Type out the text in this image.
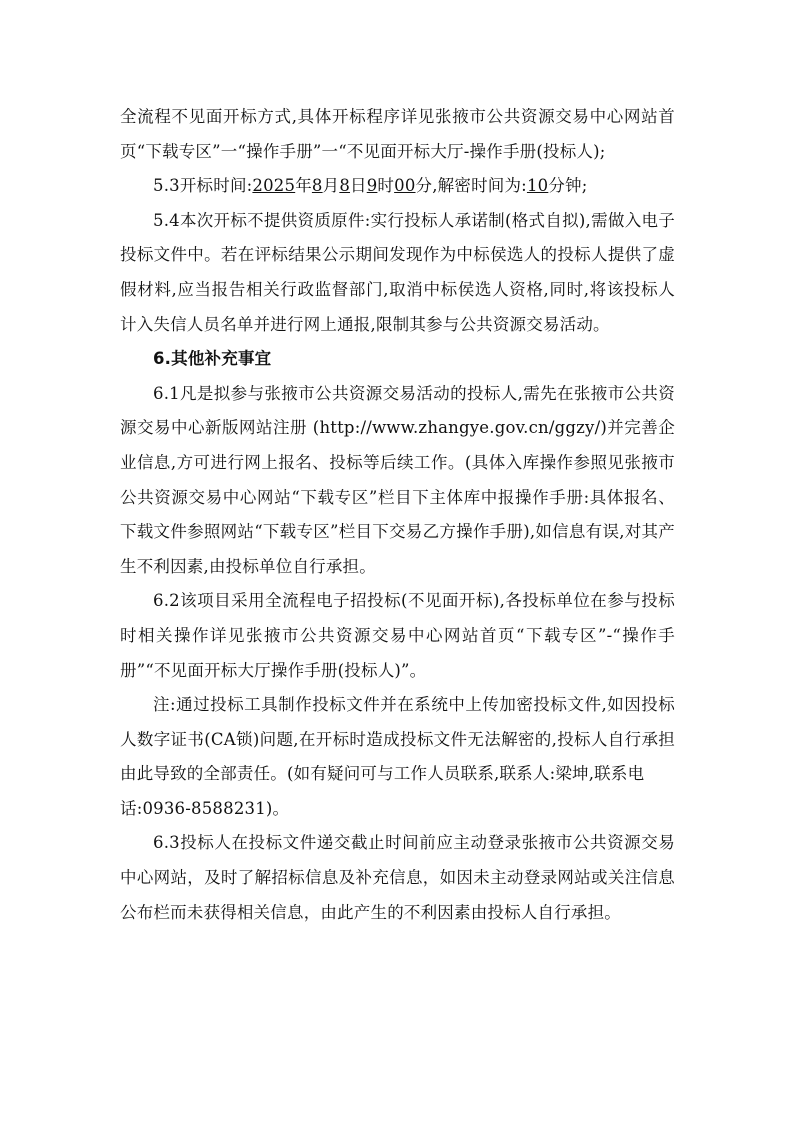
全流程不见面开标方式,具体开标程序详见张掖市公共资源交易中心网站首页“下载专区”一“操作手册”一“不见面开标大厅-操作手册(投标人);

5.3开标时间:2025年8月8日9时00分,解密时间为:10分钟;

5.4本次开标不提供资质原件:实行投标人承诺制(格式自拟),需做入电子投标文件中。若在评标结果公示期间发现作为中标侯选人的投标人提供了虚假材料,应当报告相关行政监督部门,取消中标侯选人资格,同时,将该投标人计入失信人员名单并进行网上通报,限制其参与公共资源交易活动。

6.其他补充事宜

6.1凡是拟参与张掖市公共资源交易活动的投标人,需先在张掖市公共资源交易中心新版网站注册 (http://www.zhangye.gov.cn/ggzy/)并完善企业信息,方可进行网上报名、投标等后续工作。(具体入库操作参照见张掖市公共资源交易中心网站“下载专区”栏目下主体库中报操作手册:具体报名、下载文件参照网站“下载专区”栏目下交易乙方操作手册),如信息有误,对其产生不利因素,由投标单位自行承担。

6.2该项目采用全流程电子招投标(不见面开标),各投标单位在参与投标时相关操作详见张掖市公共资源交易中心网站首页“下载专区”-“操作手册”“不见面开标大厅操作手册(投标人)”。

注:通过投标工具制作投标文件并在系统中上传加密投标文件,如因投标人数字证书(CA锁)问题,在开标时造成投标文件无法解密的,投标人自行承担由此导致的全部责任。(如有疑问可与工作人员联系,联系人:梁坤,联系电
话:0936-8588231)。

6.3投标人在投标文件递交截止时间前应主动登录张掖市公共资源交易中心网站，及时了解招标信息及补充信息，如因未主动登录网站或关注信息公布栏而未获得相关信息，由此产生的不利因素由投标人自行承担。
